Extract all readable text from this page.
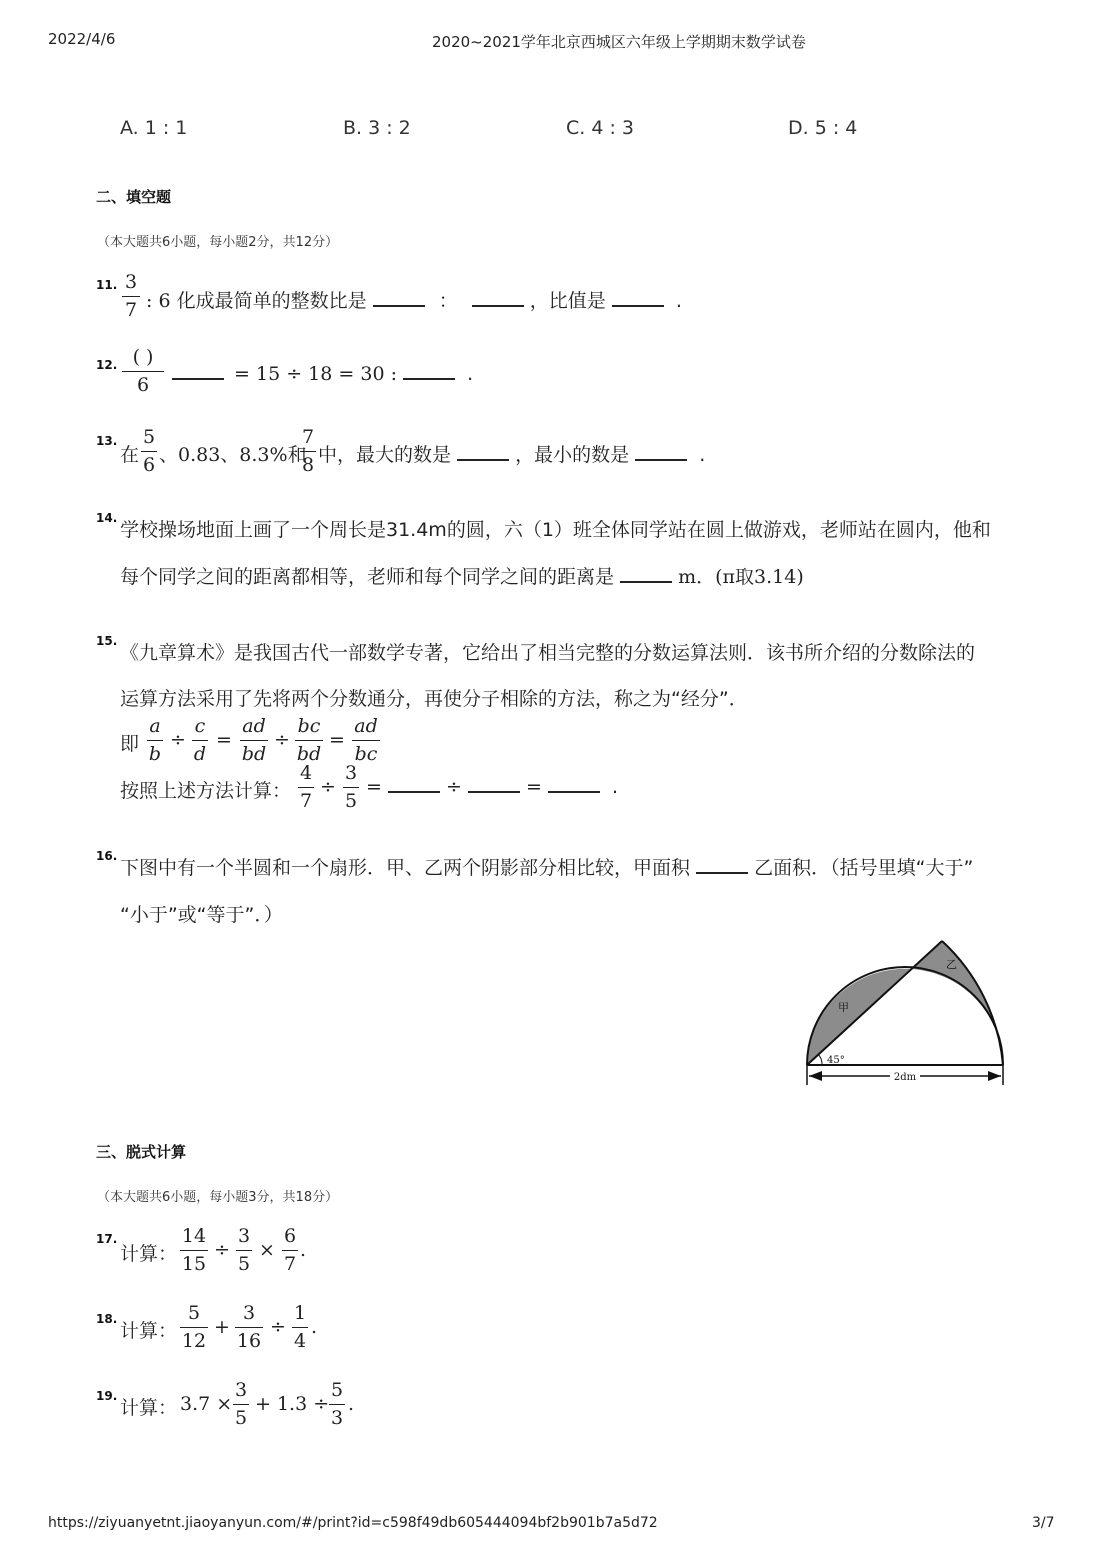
2022/4/6	2020~2021学年北京西城区六年级上学期期末数学试卷
A. 1 : 1	B. 3 : 2	C. 4 : 3	D. 5 : 4
二、填空题
（本大题共6小题，每小题2分，共12分）
11. 3
7 : 6 化成最简单的整数比是	：	，比值是	.
12. ( )
6	= 15 ÷ 18 = 30 :	.
13.
在
5
6 、0.83、8.3%和
7
8 中，最大的数是	，最小的数是	.
14.
学校操场地面上画了一个周长是31.4m的圆，六（1）班全体同学站在圆上做游戏，老师站在圆内，他和
每个同学之间的距离都相等，老师和每个同学之间的距离是	m．(π取3.14)
15.
《九章算术》是我国古代一部数学专著，它给出了相当完整的分数运算法则．该书所介绍的分数除法的
运算方法采用了先将两个分数通分，再使分子相除的方法，称之为“经分”．
即
a
b
÷
c
d
=
ad
bd
÷
bc
bd
=
ad
bc
按照上述方法计算：
4
7
÷
3
5
=	÷	=	.
16.
下图中有一个半圆和一个扇形．甲、乙两个阴影部分相比较，甲面积	乙面积．（括号里填“大于”
“小于”或“等于”．）
45°
甲
乙
2dm
三、脱式计算
（本大题共6小题，每小题3分，共18分）
17.
计算：
14
15
÷
3
5
×
6
7
.
18.
计算：
5
12
+
3
16
÷
1
4
.
19.
计算： 3.7 ×
3
5
+ 1.3 ÷
5
3
.
https://ziyuanyetnt.jiaoyanyun.com/#/print?id=c598f49db605444094bf2b901b7a5d72	3/7
